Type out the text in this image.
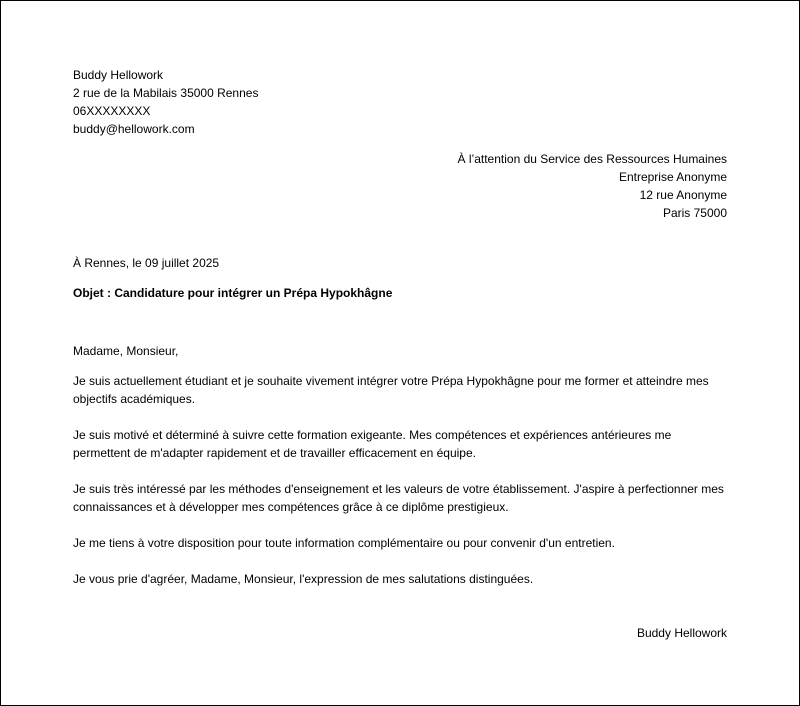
Buddy Hellowork
2 rue de la Mabilais 35000 Rennes
06XXXXXXXX
buddy@hellowork.com
À l’attention du Service des Ressources Humaines
Entreprise Anonyme
12 rue Anonyme
Paris 75000
À Rennes, le 09 juillet 2025
Objet : Candidature pour intégrer un Prépa Hypokhâgne

Madame, Monsieur,

Je suis actuellement étudiant et je souhaite vivement intégrer votre Prépa Hypokhâgne pour me former et atteindre mes objectifs académiques.

Je suis motivé et déterminé à suivre cette formation exigeante. Mes compétences et expériences antérieures me permettent de m'adapter rapidement et de travailler efficacement en équipe.

Je suis très intéressé par les méthodes d'enseignement et les valeurs de votre établissement. J'aspire à perfectionner mes connaissances et à développer mes compétences grâce à ce diplôme prestigieux.

Je me tiens à votre disposition pour toute information complémentaire ou pour convenir d'un entretien.

Je vous prie d'agréer, Madame, Monsieur, l'expression de mes salutations distinguées.

Buddy Hellowork
